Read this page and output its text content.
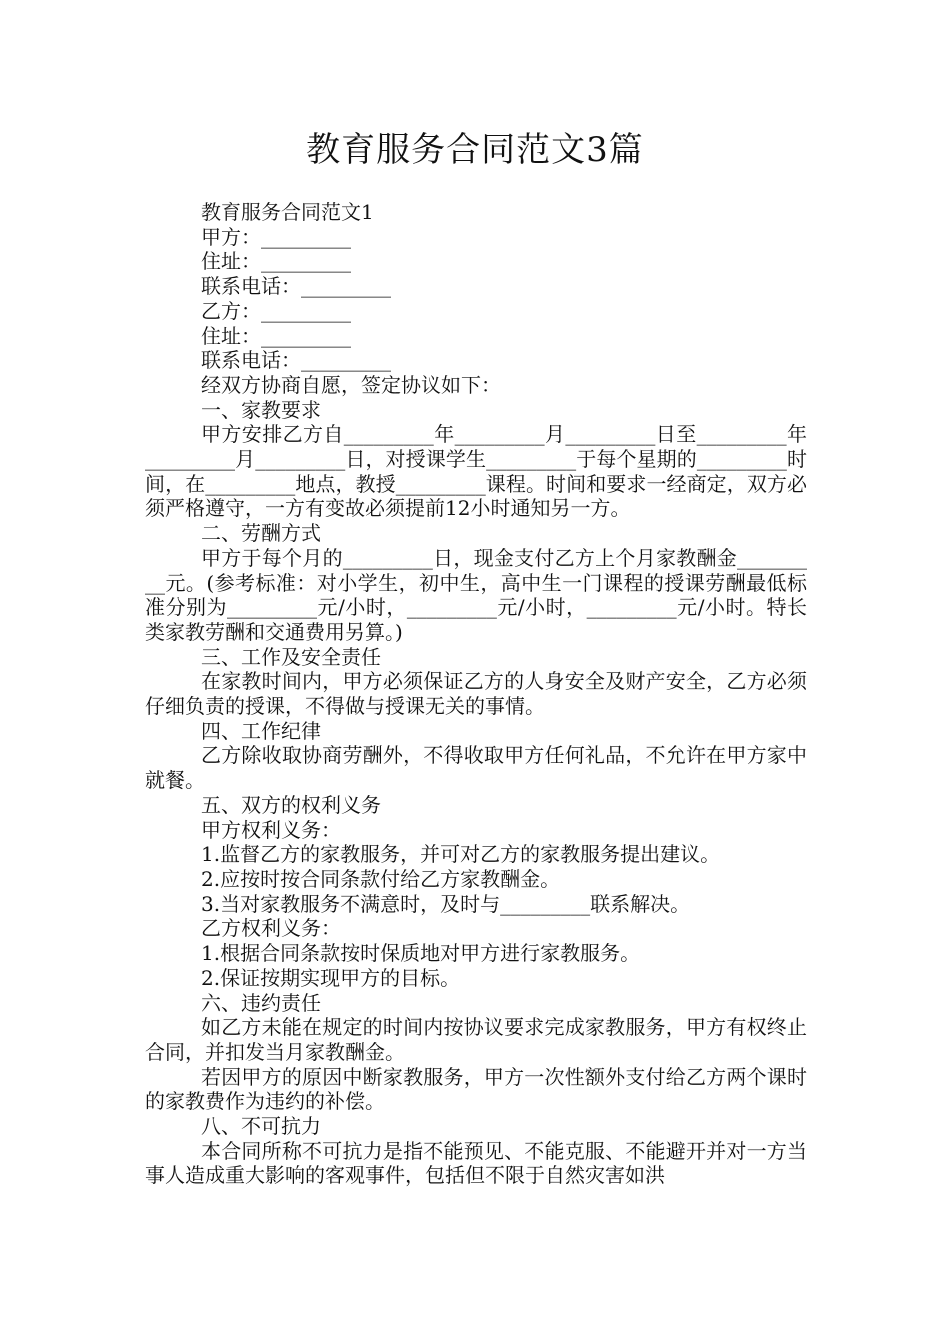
教育服务合同范文3篇

教育服务合同范文1

甲方：_________

住址：_________

联系电话：_________

乙方：_________

住址：_________

联系电话：_________

经双方协商自愿，签定协议如下：

一、家教要求

甲方安排乙方自_________年_________月_________日至_________年_________月_________日，对授课学生_________于每个星期的_________时间，在_________地点，教授_________课程。时间和要求一经商定，双方必须严格遵守，一方有变故必须提前12小时通知另一方。

二、劳酬方式

甲方于每个月的_________日，现金支付乙方上个月家教酬金_________元。(参考标准：对小学生，初中生，高中生一门课程的授课劳酬最低标准分别为_________元/小时，_________元/小时，_________元/小时。特长类家教劳酬和交通费用另算。)

三、工作及安全责任

在家教时间内，甲方必须保证乙方的人身安全及财产安全，乙方必须仔细负责的授课，不得做与授课无关的事情。

四、工作纪律

乙方除收取协商劳酬外，不得收取甲方任何礼品，不允许在甲方家中就餐。

五、双方的权利义务

甲方权利义务：

1.监督乙方的家教服务，并可对乙方的家教服务提出建议。

2.应按时按合同条款付给乙方家教酬金。

3.当对家教服务不满意时，及时与_________联系解决。

乙方权利义务：

1.根据合同条款按时保质地对甲方进行家教服务。

2.保证按期实现甲方的目标。

六、违约责任

如乙方未能在规定的时间内按协议要求完成家教服务，甲方有权终止合同，并扣发当月家教酬金。

若因甲方的原因中断家教服务，甲方一次性额外支付给乙方两个课时的家教费作为违约的补偿。

八、不可抗力

本合同所称不可抗力是指不能预见、不能克服、不能避开并对一方当事人造成重大影响的客观事件，包括但不限于自然灾害如洪
